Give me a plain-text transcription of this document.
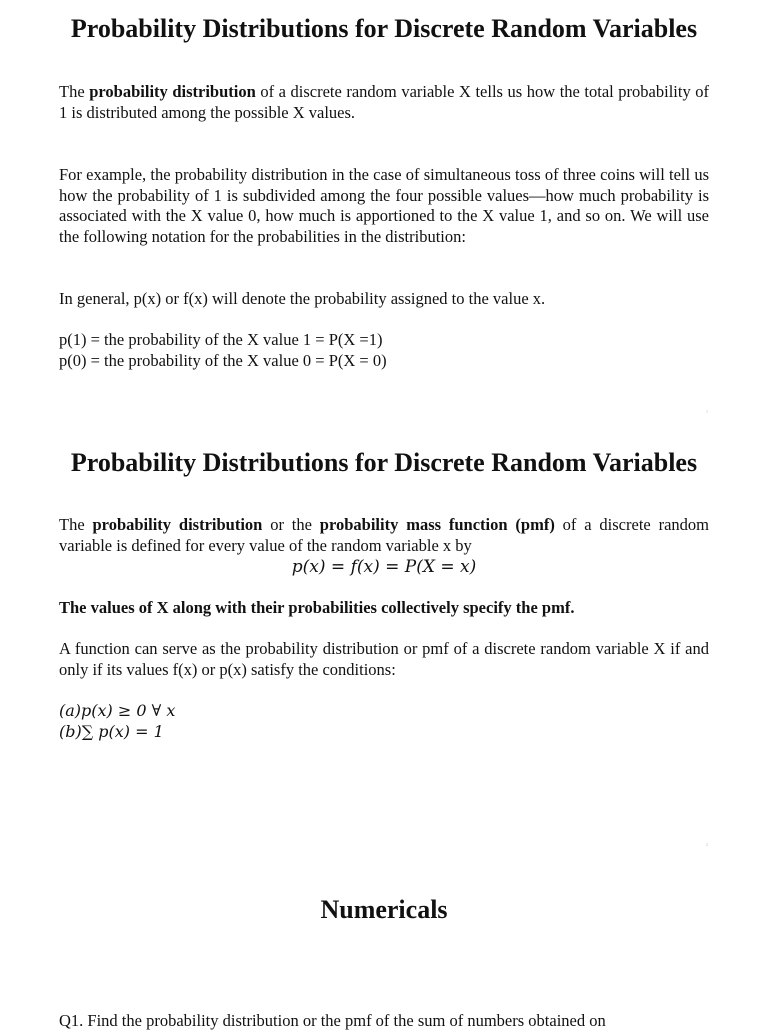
Probability Distributions for Discrete Random Variables

The probability distribution of a discrete random variable X tells us how the total probability of 1 is distributed among the possible X values.

For example, the probability distribution in the case of simultaneous toss of three coins will tell us how the probability of 1 is subdivided among the four possible values—how much probability is associated with the X value 0, how much is apportioned to the X value 1, and so on. We will use the following notation for the probabilities in the distribution:

In general, p(x) or f(x) will denote the probability assigned to the value x.

p(1) = the probability of the X value 1 = P(X =1)

p(0) = the probability of the X value 0 = P(X = 0)

1
Probability Distributions for Discrete Random Variables

The probability distribution or the probability mass function (pmf) of a discrete random variable is defined for every value of the random variable x by

p(x) = f(x) = P(X = x)

The values of X along with their probabilities collectively specify the pmf.

A function can serve as the probability distribution or pmf of a discrete random variable X if and only if its values f(x) or p(x) satisfy the conditions:

(a)p(x) ≥ 0 ∀ x

(b)∑ p(x) = 1

2
Numericals

Q1. Find the probability distribution or the pmf of the sum of numbers obtained on
